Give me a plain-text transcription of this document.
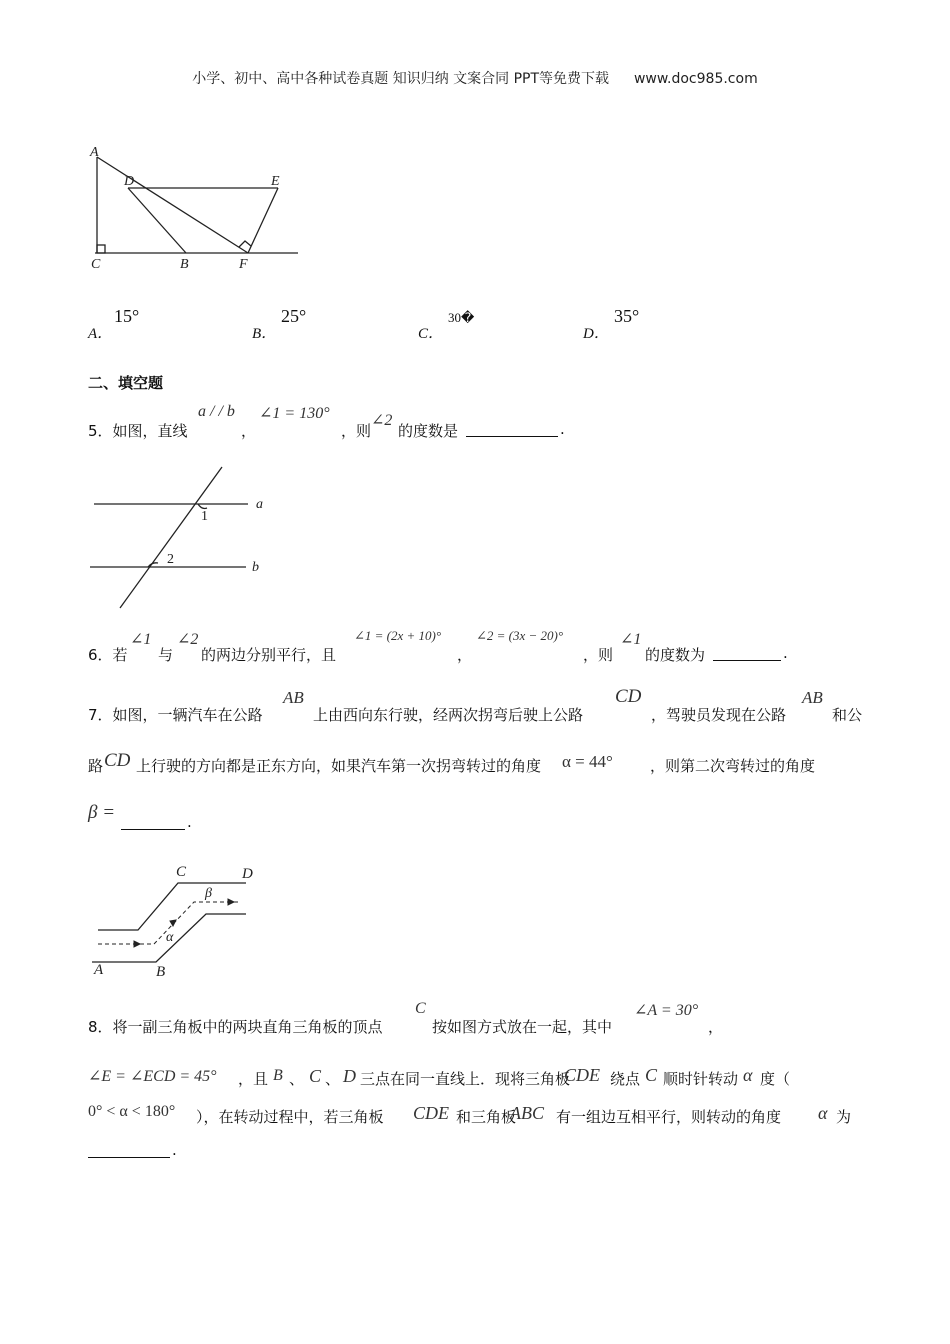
小学、初中、高中各种试卷真题 知识归纳 文案合同 PPT等免费下载 www.doc985.com
A
D	E
C	B	F
A．
15°
B．
25°
C．
30�
D．
35°
二、填空题
5．如图，直线
a / / b
，
∠1 = 130°
，则
∠2
的度数是	.
a
b
1
2
6．若
∠1
与
∠2
的两边分别平行，且
∠1 = (2x + 10)°
，
∠2 = (3x − 20)°
，则
∠1
的度数为	.
7．如图，一辆汽车在公路
AB
上由西向东行驶，经两次拐弯后驶上公路
CD
，驾驶员发现在公路
AB
和公
路 CD 上行驶的方向都是正东方向，如果汽车第一次拐弯转过的角度 α = 44° ，则第二次弯转过的角度
β =	.
C	D
A	B
β
α
8．将一副三角板中的两块直角三角板的顶点
C
按如图方式放在一起，其中
∠A = 30°
，
∠E = ∠ECD = 45° ，且 B 、 C 、 D 三点在同一直线上．现将三角板
CDE 绕点 C 顺时针转动 α 度（
0° < α < 180° ），在转动过程中，若三角板 CDE 和三角板
ABC 有一组边互相平行，则转动的角度 α 为
.
